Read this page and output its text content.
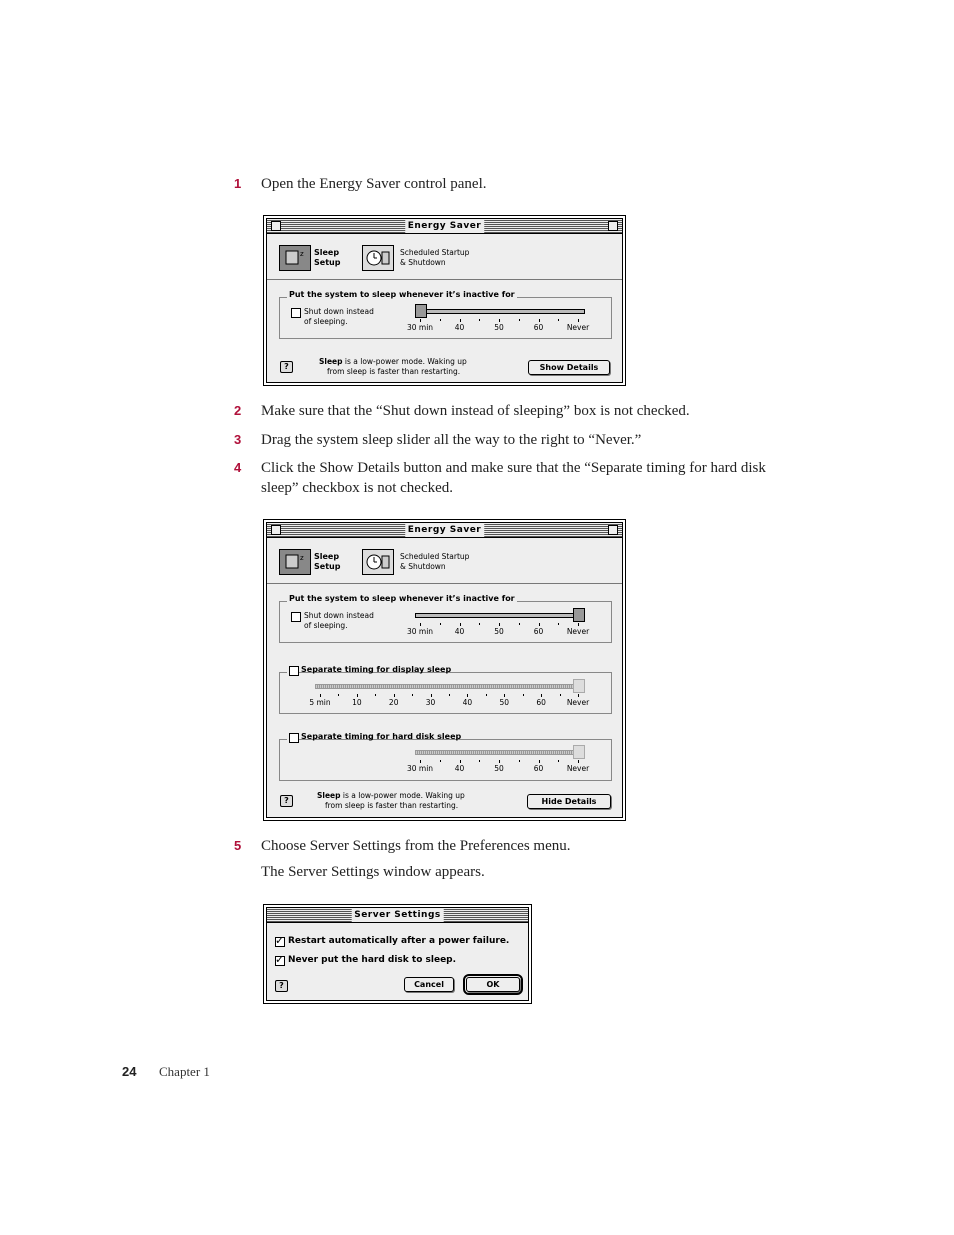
1 Open the Energy Saver control panel.
Energy Saver
z Sleep
Setup
Scheduled Startup
& Shutdown
Put the system to sleep whenever it’s inactive for
Shut down instead
of sleeping.
?
Sleep is a low-power mode. Waking up
from sleep is faster than restarting.	Show Details
30 min	40	50	60	Never
2 Make sure that the “Shut down instead of sleeping” box is not checked.
3 Drag the system sleep slider all the way to the right to “Never.”
4 Click the Show Details button and make sure that the “Separate timing for hard disk sleep” checkbox is not checked.
Energy Saver
z Sleep
Setup
Scheduled Startup
& Shutdown
Put the system to sleep whenever it’s inactive for
Shut down instead
of sleeping.
Separate timing for display sleep
Separate timing for hard disk sleep
?
Sleep is a low-power mode. Waking up
from sleep is faster than restarting.	Hide Details
30 min	40	50	60	Never
5 min	10	20	30	40	50	60	Never
30 min	40	50	60	Never
5 Choose Server Settings from the Preferences menu.
The Server Settings window appears.
Server Settings
✓
Restart automatically after a power failure.
✓
Never put the hard disk to sleep.
?	Cancel	OK
24 Chapter 1
